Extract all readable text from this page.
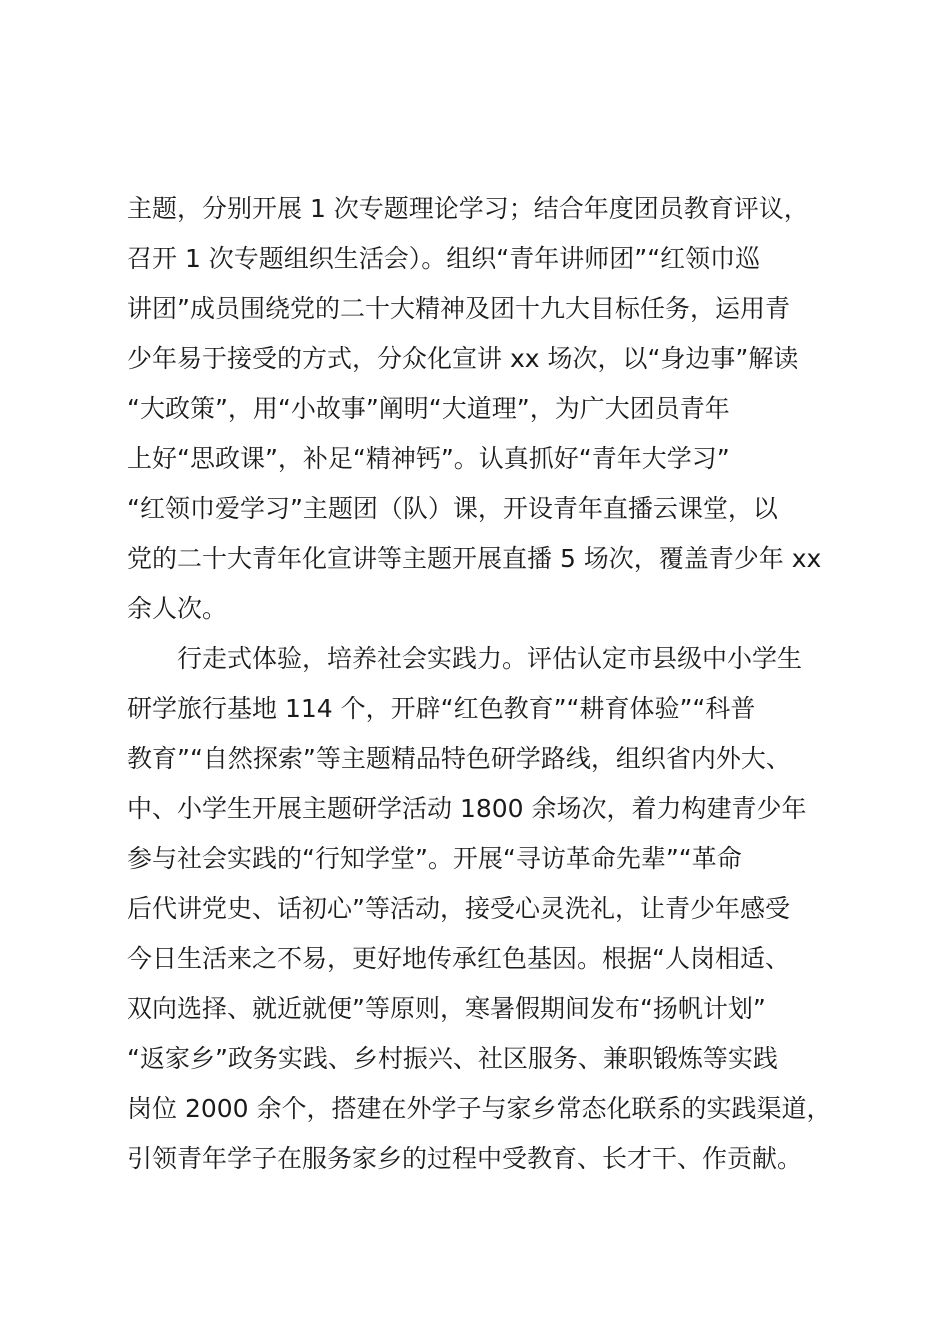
主题，分别开展 1 次专题理论学习；结合年度团员教育评议，
召开 1 次专题组织生活会）。组织“青年讲师团”“红领巾巡
讲团”成员围绕党的二十大精神及团十九大目标任务，运用青
少年易于接受的方式，分众化宣讲 xx 场次，以“身边事”解读
“大政策”，用“小故事”阐明“大道理”，为广大团员青年
上好“思政课”，补足“精神钙”。认真抓好“青年大学习”
“红领巾爱学习”主题团（队）课，开设青年直播云课堂，以
党的二十大青年化宣讲等主题开展直播 5 场次，覆盖青少年 xx
余人次。
行走式体验，培养社会实践力。评估认定市县级中小学生
研学旅行基地 114 个，开辟“红色教育”“耕育体验”“科普
教育”“自然探索”等主题精品特色研学路线，组织省内外大、
中、小学生开展主题研学活动 1800 余场次，着力构建青少年
参与社会实践的“行知学堂”。开展“寻访革命先辈”“革命
后代讲党史、话初心”等活动，接受心灵洗礼，让青少年感受
今日生活来之不易，更好地传承红色基因。根据“人岗相适、
双向选择、就近就便”等原则，寒暑假期间发布“扬帆计划”
“返家乡”政务实践、乡村振兴、社区服务、兼职锻炼等实践
岗位 2000 余个，搭建在外学子与家乡常态化联系的实践渠道，
引领青年学子在服务家乡的过程中受教育、长才干、作贡献。
